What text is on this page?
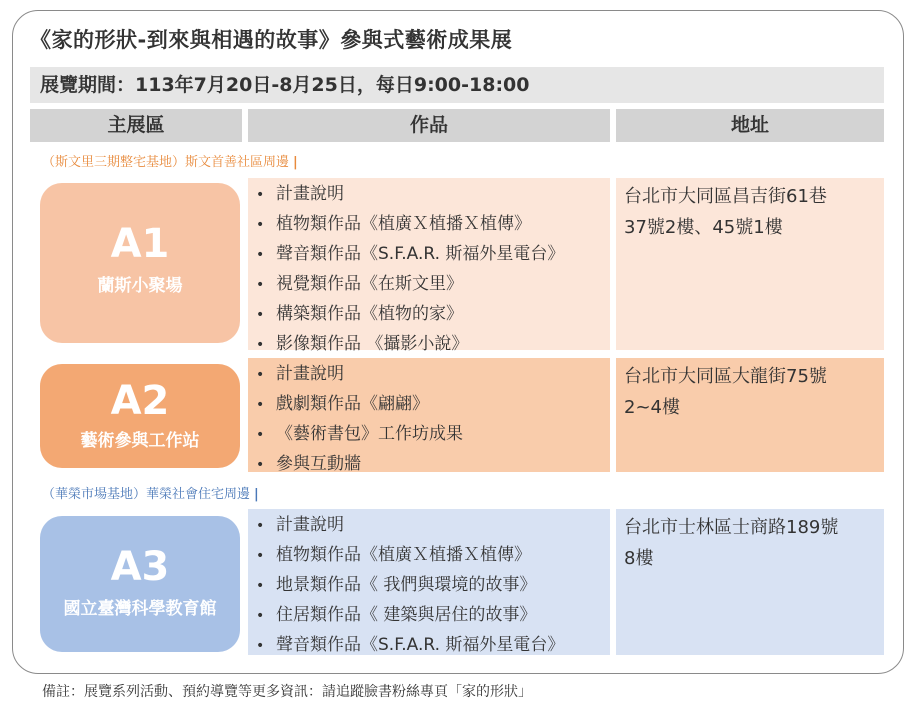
《家的形狀-到來與相遇的故事》參與式藝術成果展
展覽期間：113年7月20日-8月25日，每日9:00-18:00
主展區	作品	地址
（斯文里三期整宅基地）斯文首善社區周邊 |
A1
蘭斯小聚場
• 計畫說明
• 植物類作品《植廣Ｘ植播Ｘ植傳》
• 聲音類作品《S.F.A.R. 斯福外星電台》
• 視覺類作品《在斯文里》
• 構築類作品《植物的家》
• 影像類作品 《攝影小說》
台北市大同區昌吉街61巷
37號2樓、45號1樓
A2
藝術參與工作站
• 計畫說明
• 戲劇類作品《翩翩》
• 《藝術書包》工作坊成果
• 參與互動牆
台北市大同區大龍街75號
2~4樓
（華榮市場基地）華榮社會住宅周邊 |
A3
國立臺灣科學教育館
• 計畫說明
• 植物類作品《植廣Ｘ植播Ｘ植傳》
• 地景類作品《 我們與環境的故事》
• 住居類作品《 建築與居住的故事》
• 聲音類作品《S.F.A.R. 斯福外星電台》
台北市士林區士商路189號
8樓
備註：展覽系列活動、預約導覽等更多資訊：請追蹤臉書粉絲專頁「家的形狀」
